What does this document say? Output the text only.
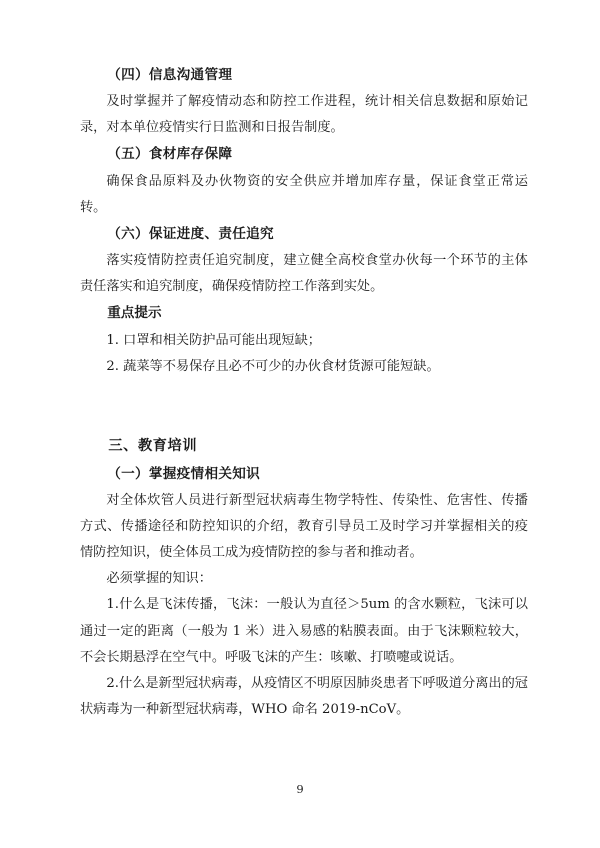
（四）信息沟通管理

及时掌握并了解疫情动态和防控工作进程，统计相关信息数据和原始记录，对本单位疫情实行日监测和日报告制度。

（五）食材库存保障

确保食品原料及办伙物资的安全供应并增加库存量，保证食堂正常运转。

（六）保证进度、责任追究

落实疫情防控责任追究制度，建立健全高校食堂办伙每一个环节的主体责任落实和追究制度，确保疫情防控工作落到实处。

重点提示

1. 口罩和相关防护品可能出现短缺；

2. 蔬菜等不易保存且必不可少的办伙食材货源可能短缺。

三、教育培训

（一）掌握疫情相关知识

对全体炊管人员进行新型冠状病毒生物学特性、传染性、危害性、传播方式、传播途径和防控知识的介绍，教育引导员工及时学习并掌握相关的疫情防控知识，使全体员工成为疫情防控的参与者和推动者。

必须掌握的知识：

1.什么是飞沫传播，飞沫：一般认为直径＞5um 的含水颗粒，飞沫可以通过一定的距离（一般为 1 米）进入易感的粘膜表面。由于飞沫颗粒较大，不会长期悬浮在空气中。呼吸飞沫的产生：咳嗽、打喷嚏或说话。

2.什么是新型冠状病毒，从疫情区不明原因肺炎患者下呼吸道分离出的冠状病毒为一种新型冠状病毒，WHO 命名 2019-nCoV。

9
